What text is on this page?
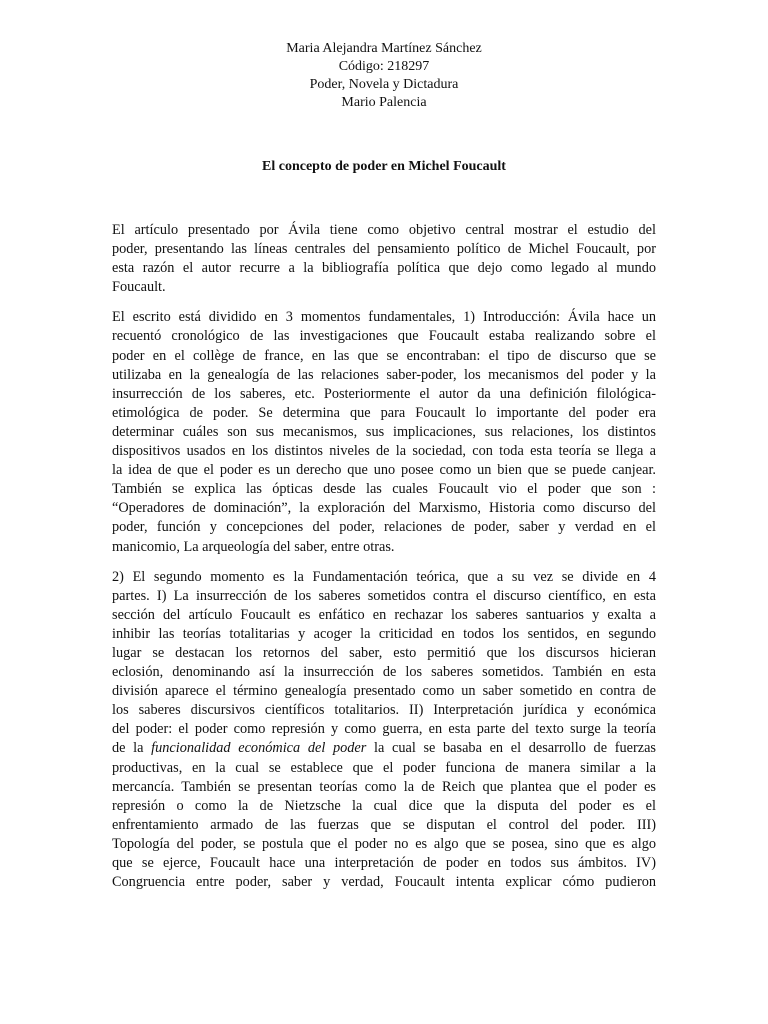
Maria Alejandra Martínez Sánchez
Código: 218297
Poder, Novela y Dictadura
Mario Palencia
El concepto de poder en Michel Foucault

El artículo presentado por Ávila tiene como objetivo central mostrar el estudio del
poder, presentando las líneas centrales del pensamiento político de Michel Foucault, por
esta razón el autor recurre a la bibliografía política que dejo como legado al mundo
Foucault.

El escrito está dividido en 3 momentos fundamentales, 1) Introducción: Ávila hace un
recuentó cronológico de las investigaciones que Foucault estaba realizando sobre el
poder en el collège de france, en las que se encontraban: el tipo de discurso que se
utilizaba en la genealogía de las relaciones saber-poder, los mecanismos del poder y la
insurrección de los saberes, etc. Posteriormente el autor da una definición filológica-
etimológica de poder. Se determina que para Foucault lo importante del poder era
determinar cuáles son sus mecanismos, sus implicaciones, sus relaciones, los distintos
dispositivos usados en los distintos niveles de la sociedad, con toda esta teoría se llega a
la idea de que el poder es un derecho que uno posee como un bien que se puede canjear.
También se explica las ópticas desde las cuales Foucault vio el poder que son :
“Operadores de dominación”, la exploración del Marxismo, Historia como discurso del
poder, función y concepciones del poder, relaciones de poder, saber y verdad en el
manicomio, La arqueología del saber, entre otras.

2) El segundo momento es la Fundamentación teórica, que a su vez se divide en 4
partes. I) La insurrección de los saberes sometidos contra el discurso científico, en esta
sección del artículo Foucault es enfático en rechazar los saberes santuarios y exalta a
inhibir las teorías totalitarias y acoger la criticidad en todos los sentidos, en segundo
lugar se destacan los retornos del saber, esto permitió que los discursos hicieran
eclosión, denominando así la insurrección de los saberes sometidos. También en esta
división aparece el término genealogía presentado como un saber sometido en contra de
los saberes discursivos científicos totalitarios. II) Interpretación jurídica y económica
del poder: el poder como represión y como guerra, en esta parte del texto surge la teoría
de la funcionalidad económica del poder la cual se basaba en el desarrollo de fuerzas
productivas, en la cual se establece que el poder funciona de manera similar a la
mercancía. También se presentan teorías como la de Reich que plantea que el poder es
represión o como la de Nietzsche la cual dice que la disputa del poder es el
enfrentamiento armado de las fuerzas que se disputan el control del poder. III)
Topología del poder, se postula que el poder no es algo que se posea, sino que es algo
que se ejerce, Foucault hace una interpretación de poder en todos sus ámbitos. IV)
Congruencia entre poder, saber y verdad, Foucault intenta explicar cómo pudieron
